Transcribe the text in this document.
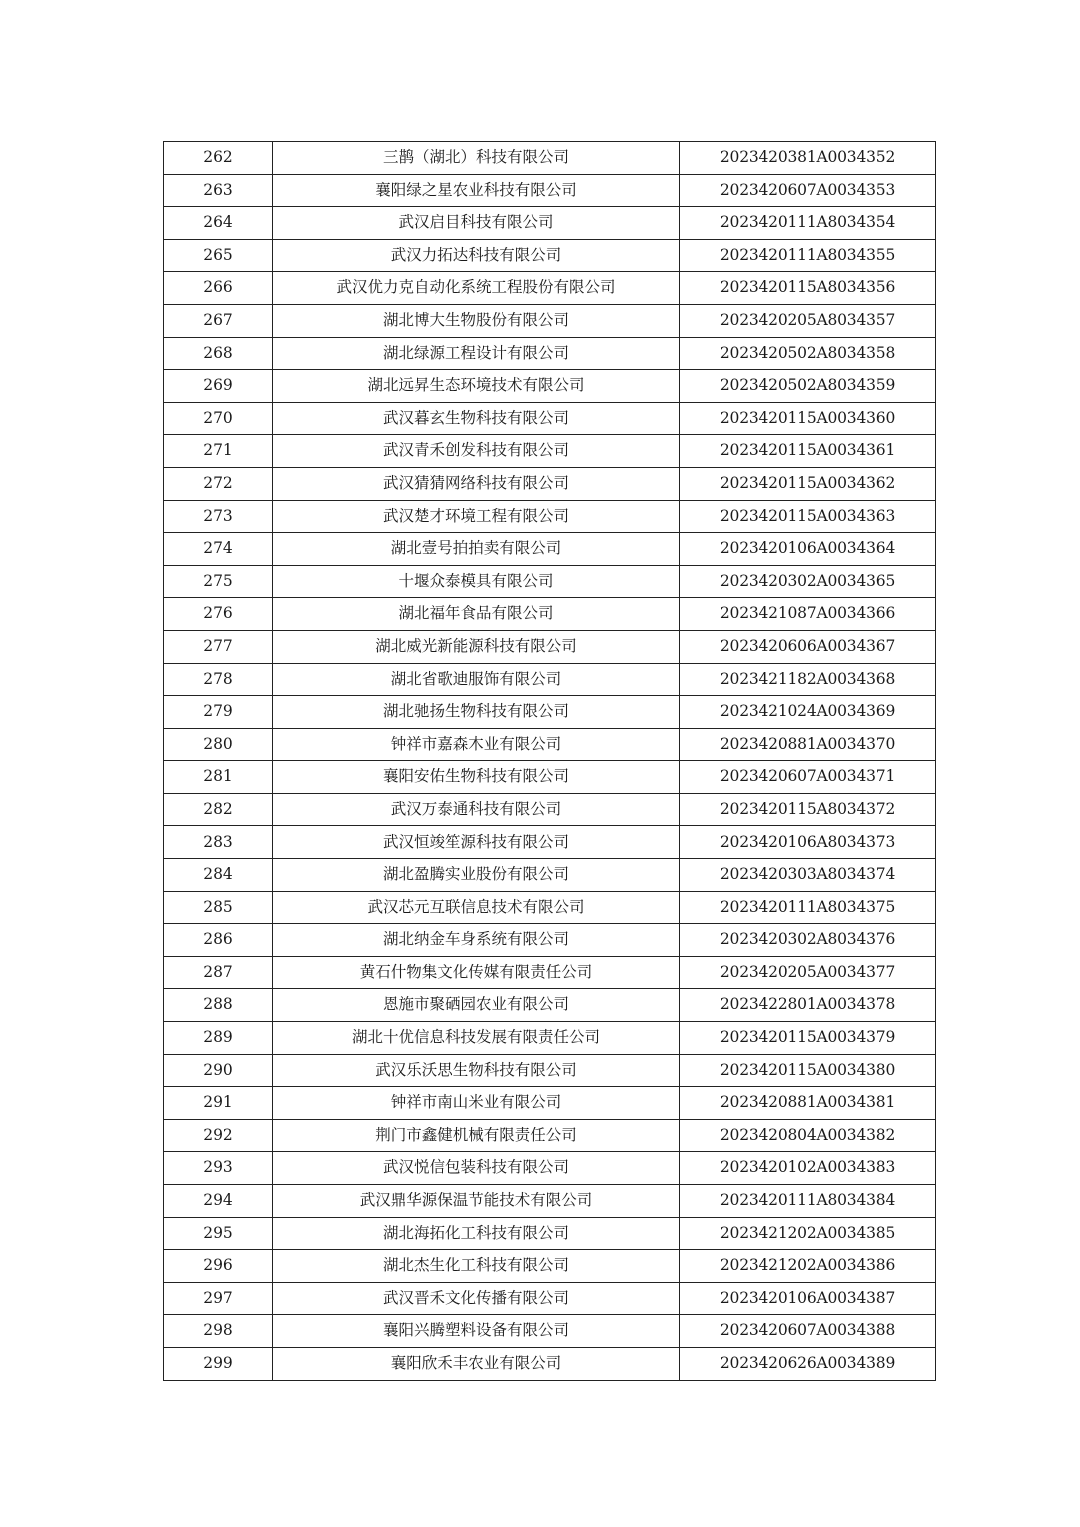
262	三鹊（湖北）科技有限公司	2023420381A0034352
263	襄阳绿之星农业科技有限公司	2023420607A0034353
264	武汉启目科技有限公司	2023420111A8034354
265	武汉力拓达科技有限公司	2023420111A8034355
266	武汉优力克自动化系统工程股份有限公司	2023420115A8034356
267	湖北博大生物股份有限公司	2023420205A8034357
268	湖北绿源工程设计有限公司	2023420502A8034358
269	湖北远昇生态环境技术有限公司	2023420502A8034359
270	武汉暮玄生物科技有限公司	2023420115A0034360
271	武汉青禾创发科技有限公司	2023420115A0034361
272	武汉猜猜网络科技有限公司	2023420115A0034362
273	武汉楚才环境工程有限公司	2023420115A0034363
274	湖北壹号拍拍卖有限公司	2023420106A0034364
275	十堰众泰模具有限公司	2023420302A0034365
276	湖北福年食品有限公司	2023421087A0034366
277	湖北威光新能源科技有限公司	2023420606A0034367
278	湖北省歌迪服饰有限公司	2023421182A0034368
279	湖北驰扬生物科技有限公司	2023421024A0034369
280	钟祥市嘉森木业有限公司	2023420881A0034370
281	襄阳安佑生物科技有限公司	2023420607A0034371
282	武汉万泰通科技有限公司	2023420115A8034372
283	武汉恒竣笙源科技有限公司	2023420106A8034373
284	湖北盈腾实业股份有限公司	2023420303A8034374
285	武汉芯元互联信息技术有限公司	2023420111A8034375
286	湖北纳金车身系统有限公司	2023420302A8034376
287	黄石什物集文化传媒有限责任公司	2023420205A0034377
288	恩施市聚硒园农业有限公司	2023422801A0034378
289	湖北十优信息科技发展有限责任公司	2023420115A0034379
290	武汉乐沃思生物科技有限公司	2023420115A0034380
291	钟祥市南山米业有限公司	2023420881A0034381
292	荆门市鑫健机械有限责任公司	2023420804A0034382
293	武汉悦信包装科技有限公司	2023420102A0034383
294	武汉鼎华源保温节能技术有限公司	2023420111A8034384
295	湖北海拓化工科技有限公司	2023421202A0034385
296	湖北杰生化工科技有限公司	2023421202A0034386
297	武汉晋禾文化传播有限公司	2023420106A0034387
298	襄阳兴腾塑料设备有限公司	2023420607A0034388
299	襄阳欣禾丰农业有限公司	2023420626A0034389
